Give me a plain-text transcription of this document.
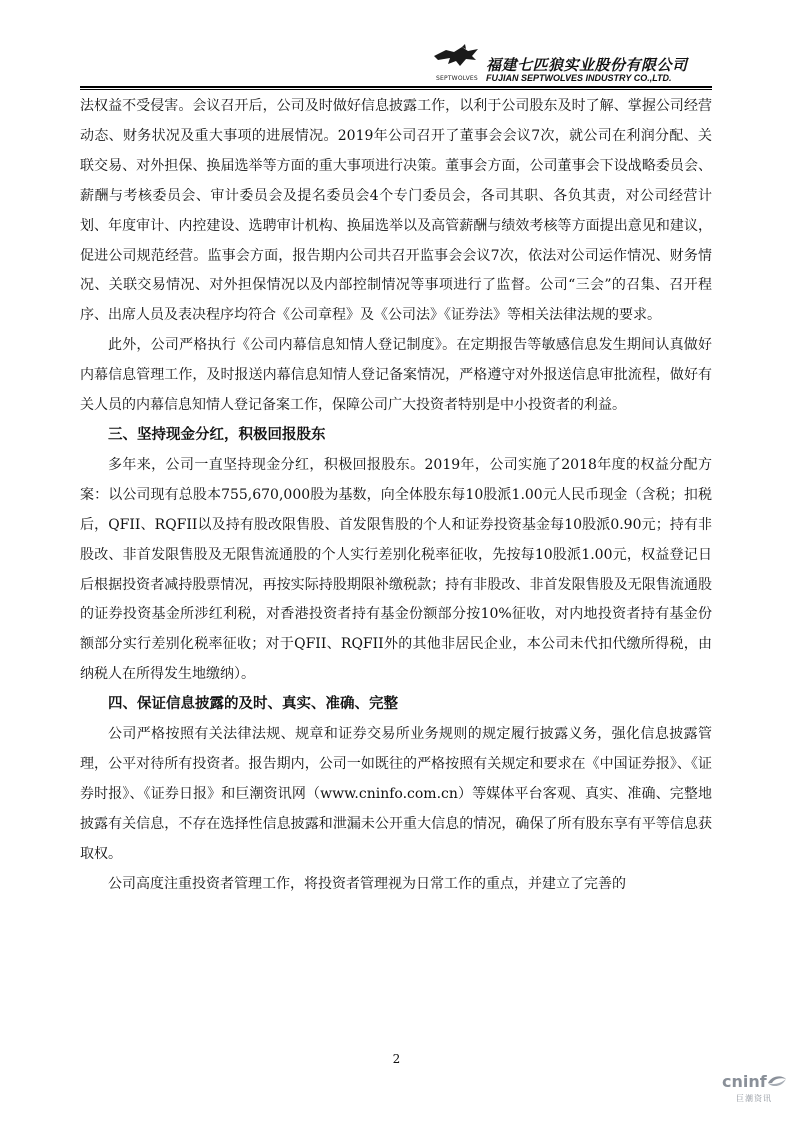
SEPTWOLVES
福建七匹狼实业股份有限公司
FUJIAN SEPTWOLVES INDUSTRY CO.,LTD.

法权益不受侵害。会议召开后，公司及时做好信息披露工作，以利于公司股东及时了解、掌握公司经营动态、财务状况及重大事项的进展情况。2019年公司召开了董事会会议7次，就公司在利润分配、关联交易、对外担保、换届选举等方面的重大事项进行决策。董事会方面，公司董事会下设战略委员会、薪酬与考核委员会、审计委员会及提名委员会4个专门委员会，各司其职、各负其责，对公司经营计划、年度审计、内控建设、选聘审计机构、换届选举以及高管薪酬与绩效考核等方面提出意见和建议，促进公司规范经营。监事会方面，报告期内公司共召开监事会会议7次，依法对公司运作情况、财务情况、关联交易情况、对外担保情况以及内部控制情况等事项进行了监督。公司“三会”的召集、召开程序、出席人员及表决程序均符合《公司章程》及《公司法》《证券法》等相关法律法规的要求。

此外，公司严格执行《公司内幕信息知情人登记制度》。在定期报告等敏感信息发生期间认真做好内幕信息管理工作，及时报送内幕信息知情人登记备案情况，严格遵守对外报送信息审批流程，做好有关人员的内幕信息知情人登记备案工作，保障公司广大投资者特别是中小投资者的利益。

三、坚持现金分红，积极回报股东

多年来，公司一直坚持现金分红，积极回报股东。2019年，公司实施了2018年度的权益分配方案：以公司现有总股本755,670,000股为基数，向全体股东每10股派1.00元人民币现金（含税；扣税后，QFII、RQFII以及持有股改限售股、首发限售股的个人和证券投资基金每10股派0.90元；持有非股改、非首发限售股及无限售流通股的个人实行差别化税率征收，先按每10股派1.00元，权益登记日后根据投资者减持股票情况，再按实际持股期限补缴税款；持有非股改、非首发限售股及无限售流通股的证券投资基金所涉红利税，对香港投资者持有基金份额部分按10%征收，对内地投资者持有基金份额部分实行差别化税率征收；对于QFII、RQFII外的其他非居民企业，本公司未代扣代缴所得税，由纳税人在所得发生地缴纳）。

四、保证信息披露的及时、真实、准确、完整

公司严格按照有关法律法规、规章和证券交易所业务规则的规定履行披露义务，强化信息披露管理，公平对待所有投资者。报告期内，公司一如既往的严格按照有关规定和要求在《中国证券报》、《证券时报》、《证券日报》和巨潮资讯网（www.cninfo.com.cn）等媒体平台客观、真实、准确、完整地披露有关信息，不存在选择性信息披露和泄漏未公开重大信息的情况，确保了所有股东享有平等信息获取权。

公司高度注重投资者管理工作，将投资者管理视为日常工作的重点，并建立了完善的

2
cninf
巨潮资讯
